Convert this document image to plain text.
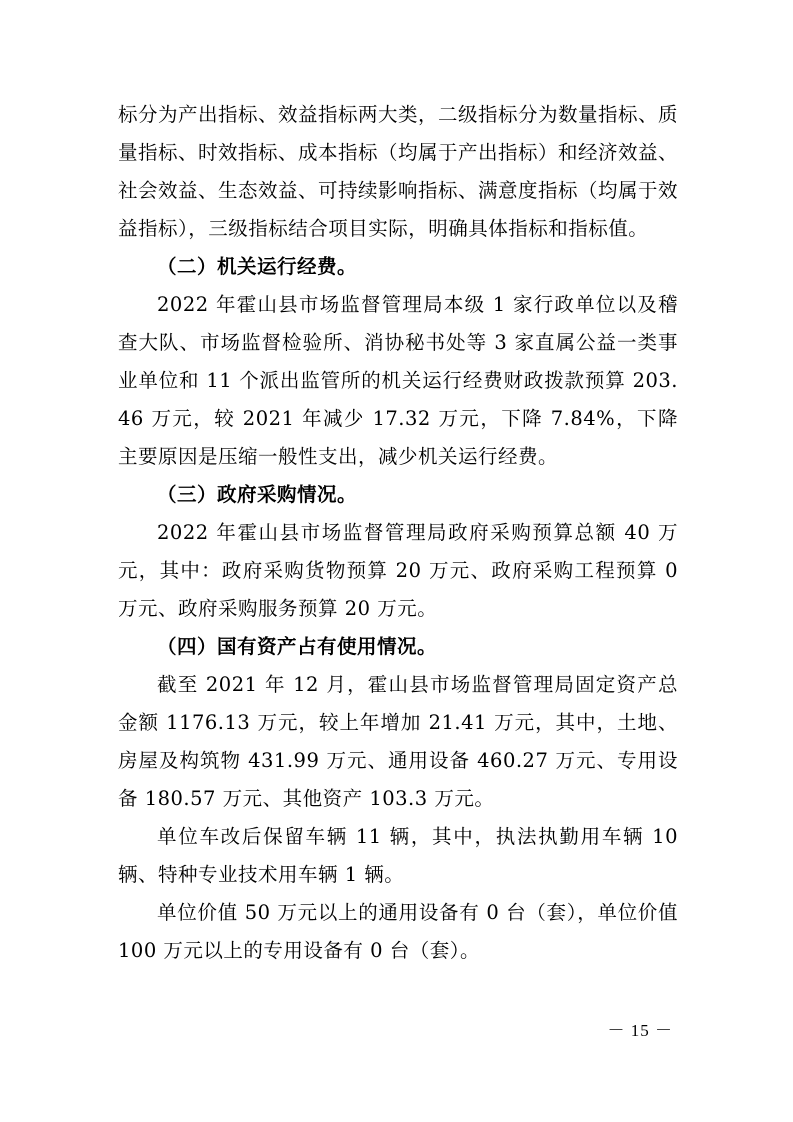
标分为产出指标、效益指标两大类，二级指标分为数量指标、质量指标、时效指标、成本指标（均属于产出指标）和经济效益、社会效益、生态效益、可持续影响指标、满意度指标（均属于效益指标），三级指标结合项目实际，明确具体指标和指标值。

（二）机关运行经费。

2022 年霍山县市场监督管理局本级 1 家行政单位以及稽查大队、市场监督检验所、消协秘书处等 3 家直属公益一类事业单位和 11 个派出监管所的机关运行经费财政拨款预算 203.46 万元，较 2021 年减少 17.32 万元，下降 7.84%，下降主要原因是压缩一般性支出，减少机关运行经费。

（三）政府采购情况。

2022 年霍山县市场监督管理局政府采购预算总额 40 万元，其中：政府采购货物预算 20 万元、政府采购工程预算 0 万元、政府采购服务预算 20 万元。

（四）国有资产占有使用情况。

截至 2021 年 12 月，霍山县市场监督管理局固定资产总金额 1176.13 万元，较上年增加 21.41 万元，其中，土地、房屋及构筑物 431.99 万元、通用设备 460.27 万元、专用设备 180.57 万元、其他资产 103.3 万元。

单位车改后保留车辆 11 辆，其中，执法执勤用车辆 10 辆、特种专业技术用车辆 1 辆。

单位价值 50 万元以上的通用设备有 0 台（套），单位价值 100 万元以上的专用设备有 0 台（套）。

－ 15 －
